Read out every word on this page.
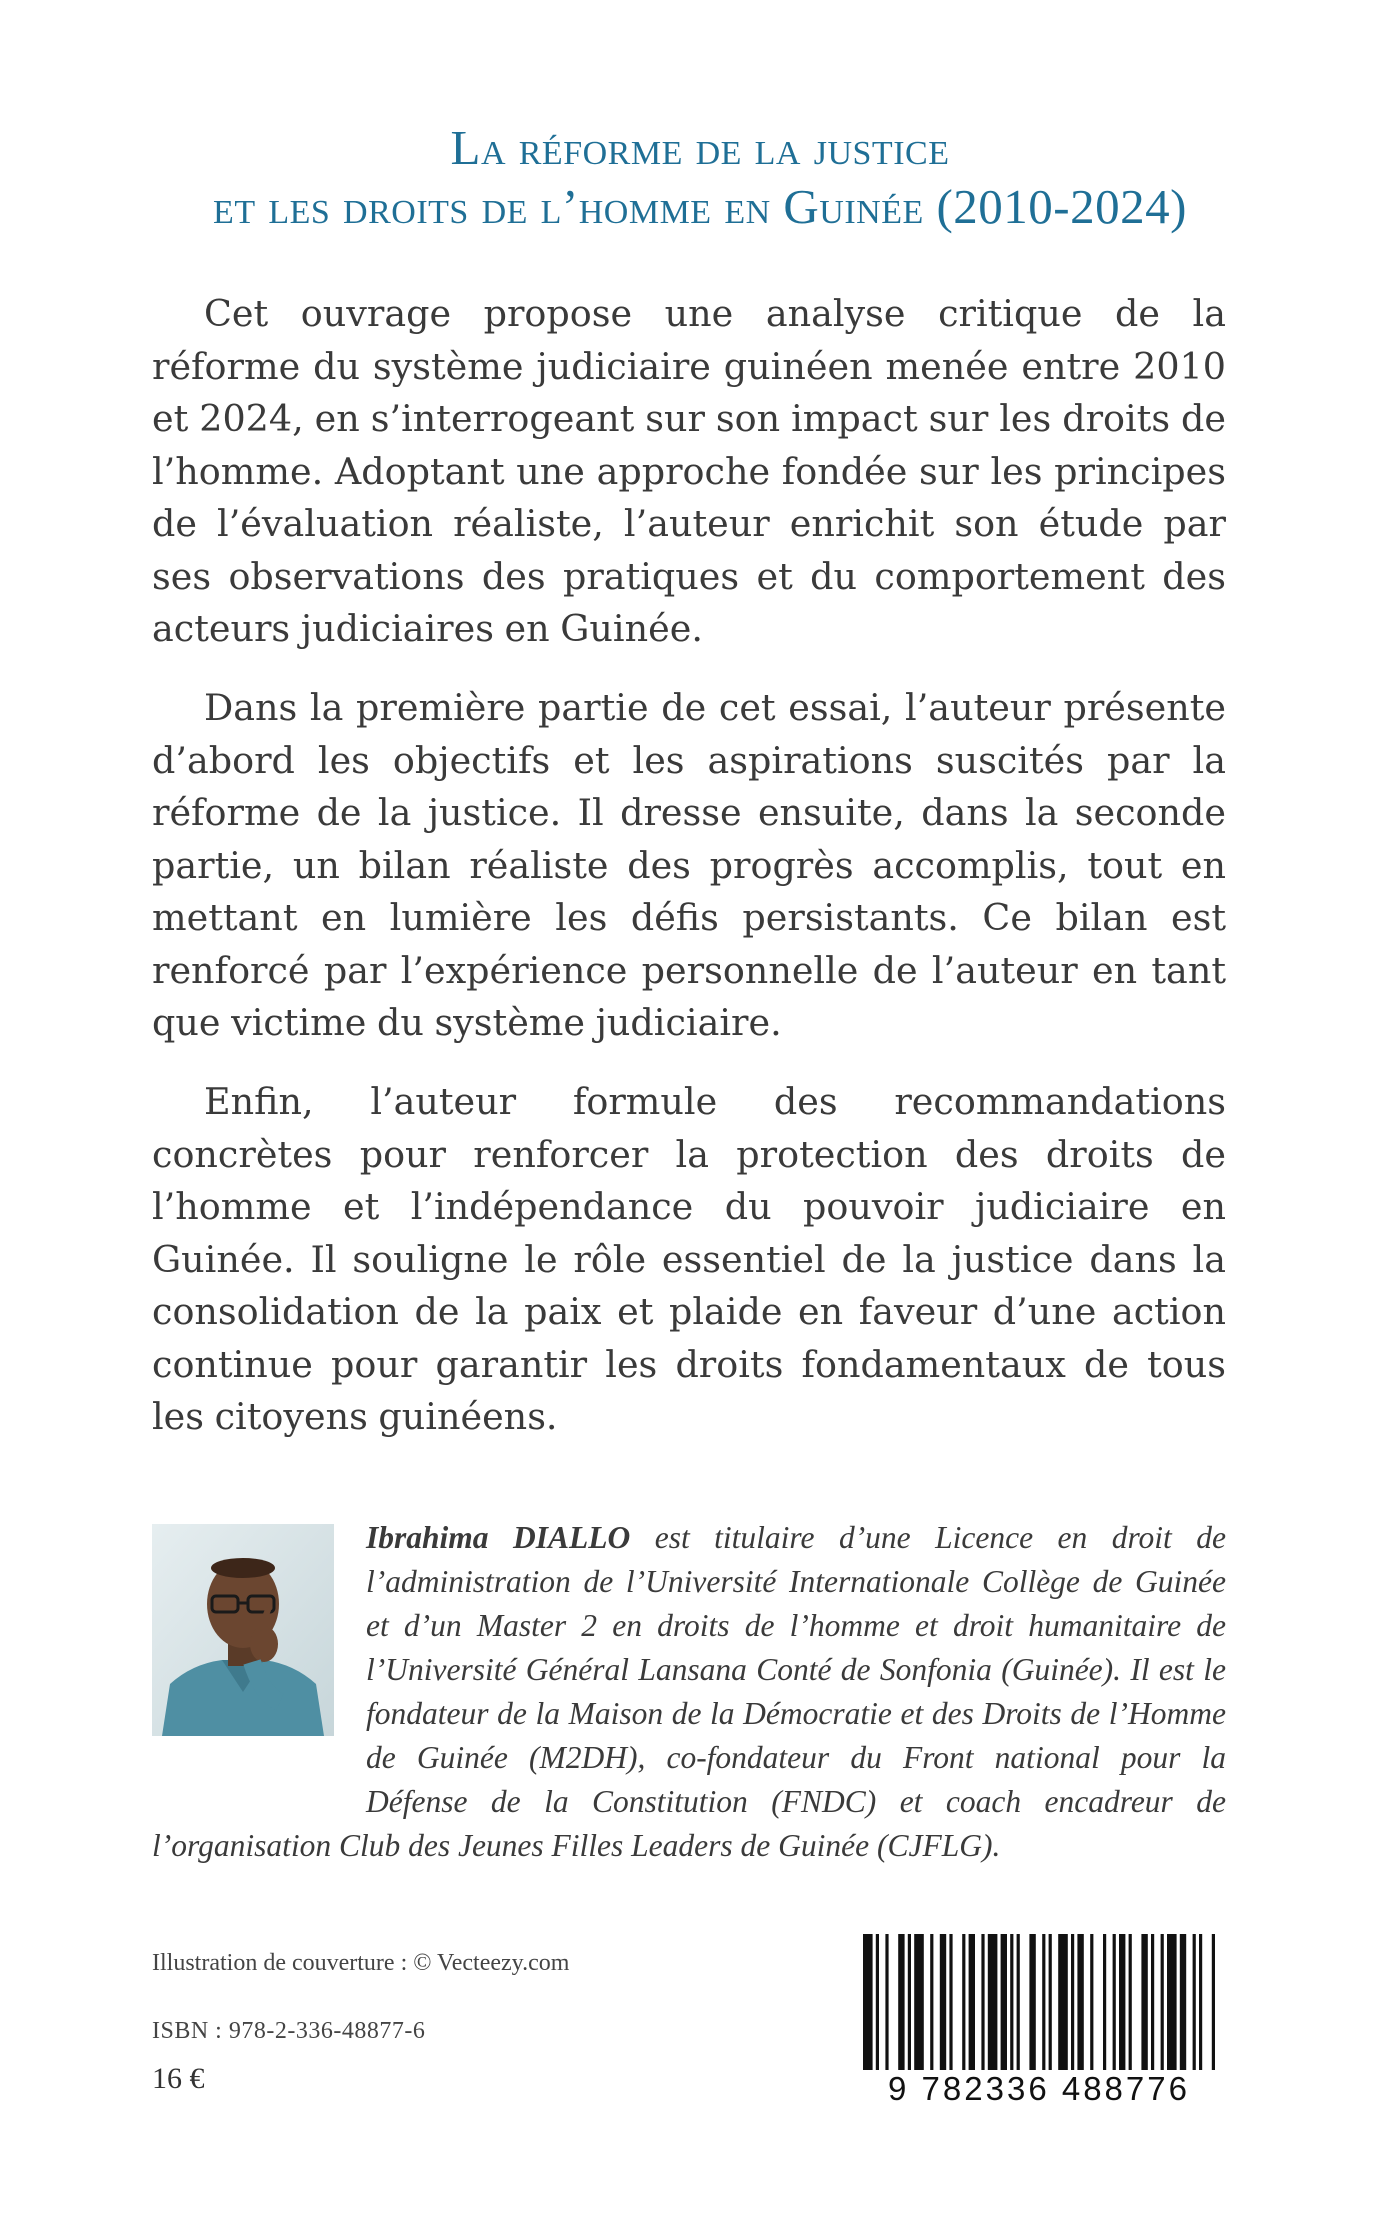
La réforme de la justice
et les droits de l’homme en Guinée (2010-2024)

Cet ouvrage propose une analyse critique de la réforme du système judiciaire guinéen menée entre 2010 et 2024, en s’interrogeant sur son impact sur les droits de l’homme. Adoptant une approche fondée sur les principes de l’évaluation réaliste, l’auteur enrichit son étude par ses observations des pratiques et du comportement des acteurs judiciaires en Guinée.

Dans la première partie de cet essai, l’auteur présente d’abord les objectifs et les aspirations suscités par la réforme de la justice. Il dresse ensuite, dans la seconde partie, un bilan réaliste des progrès accomplis, tout en mettant en lumière les défis persistants. Ce bilan est renforcé par l’expérience personnelle de l’auteur en tant que victime du système judiciaire.

Enfin, l’auteur formule des recommandations concrètes pour renforcer la protection des droits de l’homme et l’indépendance du pouvoir judiciaire en Guinée. Il souligne le rôle essentiel de la justice dans la consolidation de la paix et plaide en faveur d’une action continue pour garantir les droits fondamentaux de tous les citoyens guinéens.

Ibrahima DIALLO est titulaire d’une Licence en droit de l’administration de l’Université Internationale Collège de Guinée et d’un Master 2 en droits de l’homme et droit humanitaire de l’Université Général Lansana Conté de Sonfonia (Guinée). Il est le fondateur de la Maison de la Démocratie et des Droits de l’Homme de Guinée (M2DH), co-fondateur du Front national pour la Défense de la Constitution (FNDC) et coach encadreur de l’organisation Club des Jeunes Filles Leaders de Guinée (CJFLG).
Illustration de couverture : © Vecteezy.com
ISBN : 978-2-336-48877-6
16 €	9 782336 488776
